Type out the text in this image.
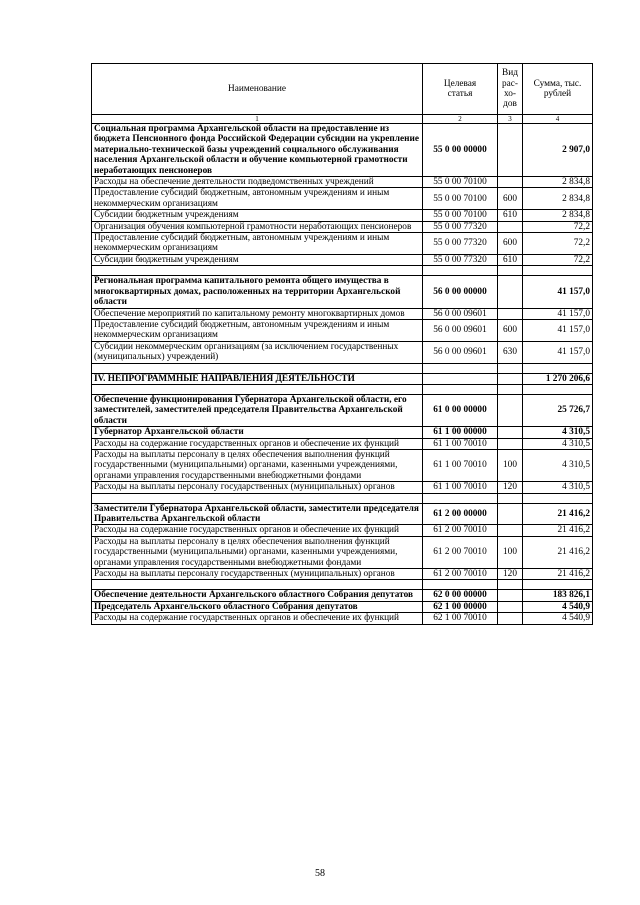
Наименование	Целевая статья	Вид рас-хо-дов	Сумма, тыс. рублей
1	2	3	4
Социальная программа Архангельской области на предоставление из бюджета Пенсионного фонда Российской Федерации субсидии на укрепление материально-технической базы учреждений социального обслуживания населения Архангельской области и обучение компьютерной грамотности неработающих пенсионеров	55 0 00 00000		2 907,0
Расходы на обеспечение деятельности подведомственных учреждений	55 0 00 70100		2 834,8
Предоставление субсидий бюджетным, автономным учреждениям и иным некоммерческим организациям	55 0 00 70100	600	2 834,8
Субсидии бюджетным учреждениям	55 0 00 70100	610	2 834,8
Организация обучения компьютерной грамотности неработающих пенсионеров	55 0 00 77320		72,2
Предоставление субсидий бюджетным, автономным учреждениям и иным некоммерческим организациям	55 0 00 77320	600	72,2
Субсидии бюджетным учреждениям	55 0 00 77320	610	72,2

Региональная программа капитального ремонта общего имущества в многоквартирных домах, расположенных на территории Архангельской области	56 0 00 00000		41 157,0
Обеспечение мероприятий по капитальному ремонту многоквартирных домов	56 0 00 09601		41 157,0
Предоставление субсидий бюджетным, автономным учреждениям и иным некоммерческим организациям	56 0 00 09601	600	41 157,0
Субсидии некоммерческим организациям (за исключением государственных (муниципальных) учреждений)	56 0 00 09601	630	41 157,0

IV. НЕПРОГРАММНЫЕ НАПРАВЛЕНИЯ ДЕЯТЕЛЬНОСТИ			1 270 206,6

Обеспечение функционирования Губернатора Архангельской области, его заместителей, заместителей председателя Правительства Архангельской области	61 0 00 00000		25 726,7
Губернатор Архангельской области	61 1 00 00000		4 310,5
Расходы на содержание государственных органов и обеспечение их функций	61 1 00 70010		4 310,5
Расходы на выплаты персоналу в целях обеспечения выполнения функций государственными (муниципальными) органами, казенными учреждениями, органами управления государственными внебюджетными фондами	61 1 00 70010	100	4 310,5
Расходы на выплаты персоналу государственных (муниципальных) органов	61 1 00 70010	120	4 310,5

Заместители Губернатора Архангельской области, заместители председателя Правительства Архангельской области	61 2 00 00000		21 416,2
Расходы на содержание государственных органов и обеспечение их функций	61 2 00 70010		21 416,2
Расходы на выплаты персоналу в целях обеспечения выполнения функций государственными (муниципальными) органами, казенными учреждениями, органами управления государственными внебюджетными фондами	61 2 00 70010	100	21 416,2
Расходы на выплаты персоналу государственных (муниципальных) органов	61 2 00 70010	120	21 416,2

Обеспечение деятельности Архангельского областного Собрания депутатов	62 0 00 00000		183 826,1
Председатель Архангельского областного Собрания депутатов	62 1 00 00000		4 540,9
Расходы на содержание государственных органов и обеспечение их функций	62 1 00 70010		4 540,9
58
